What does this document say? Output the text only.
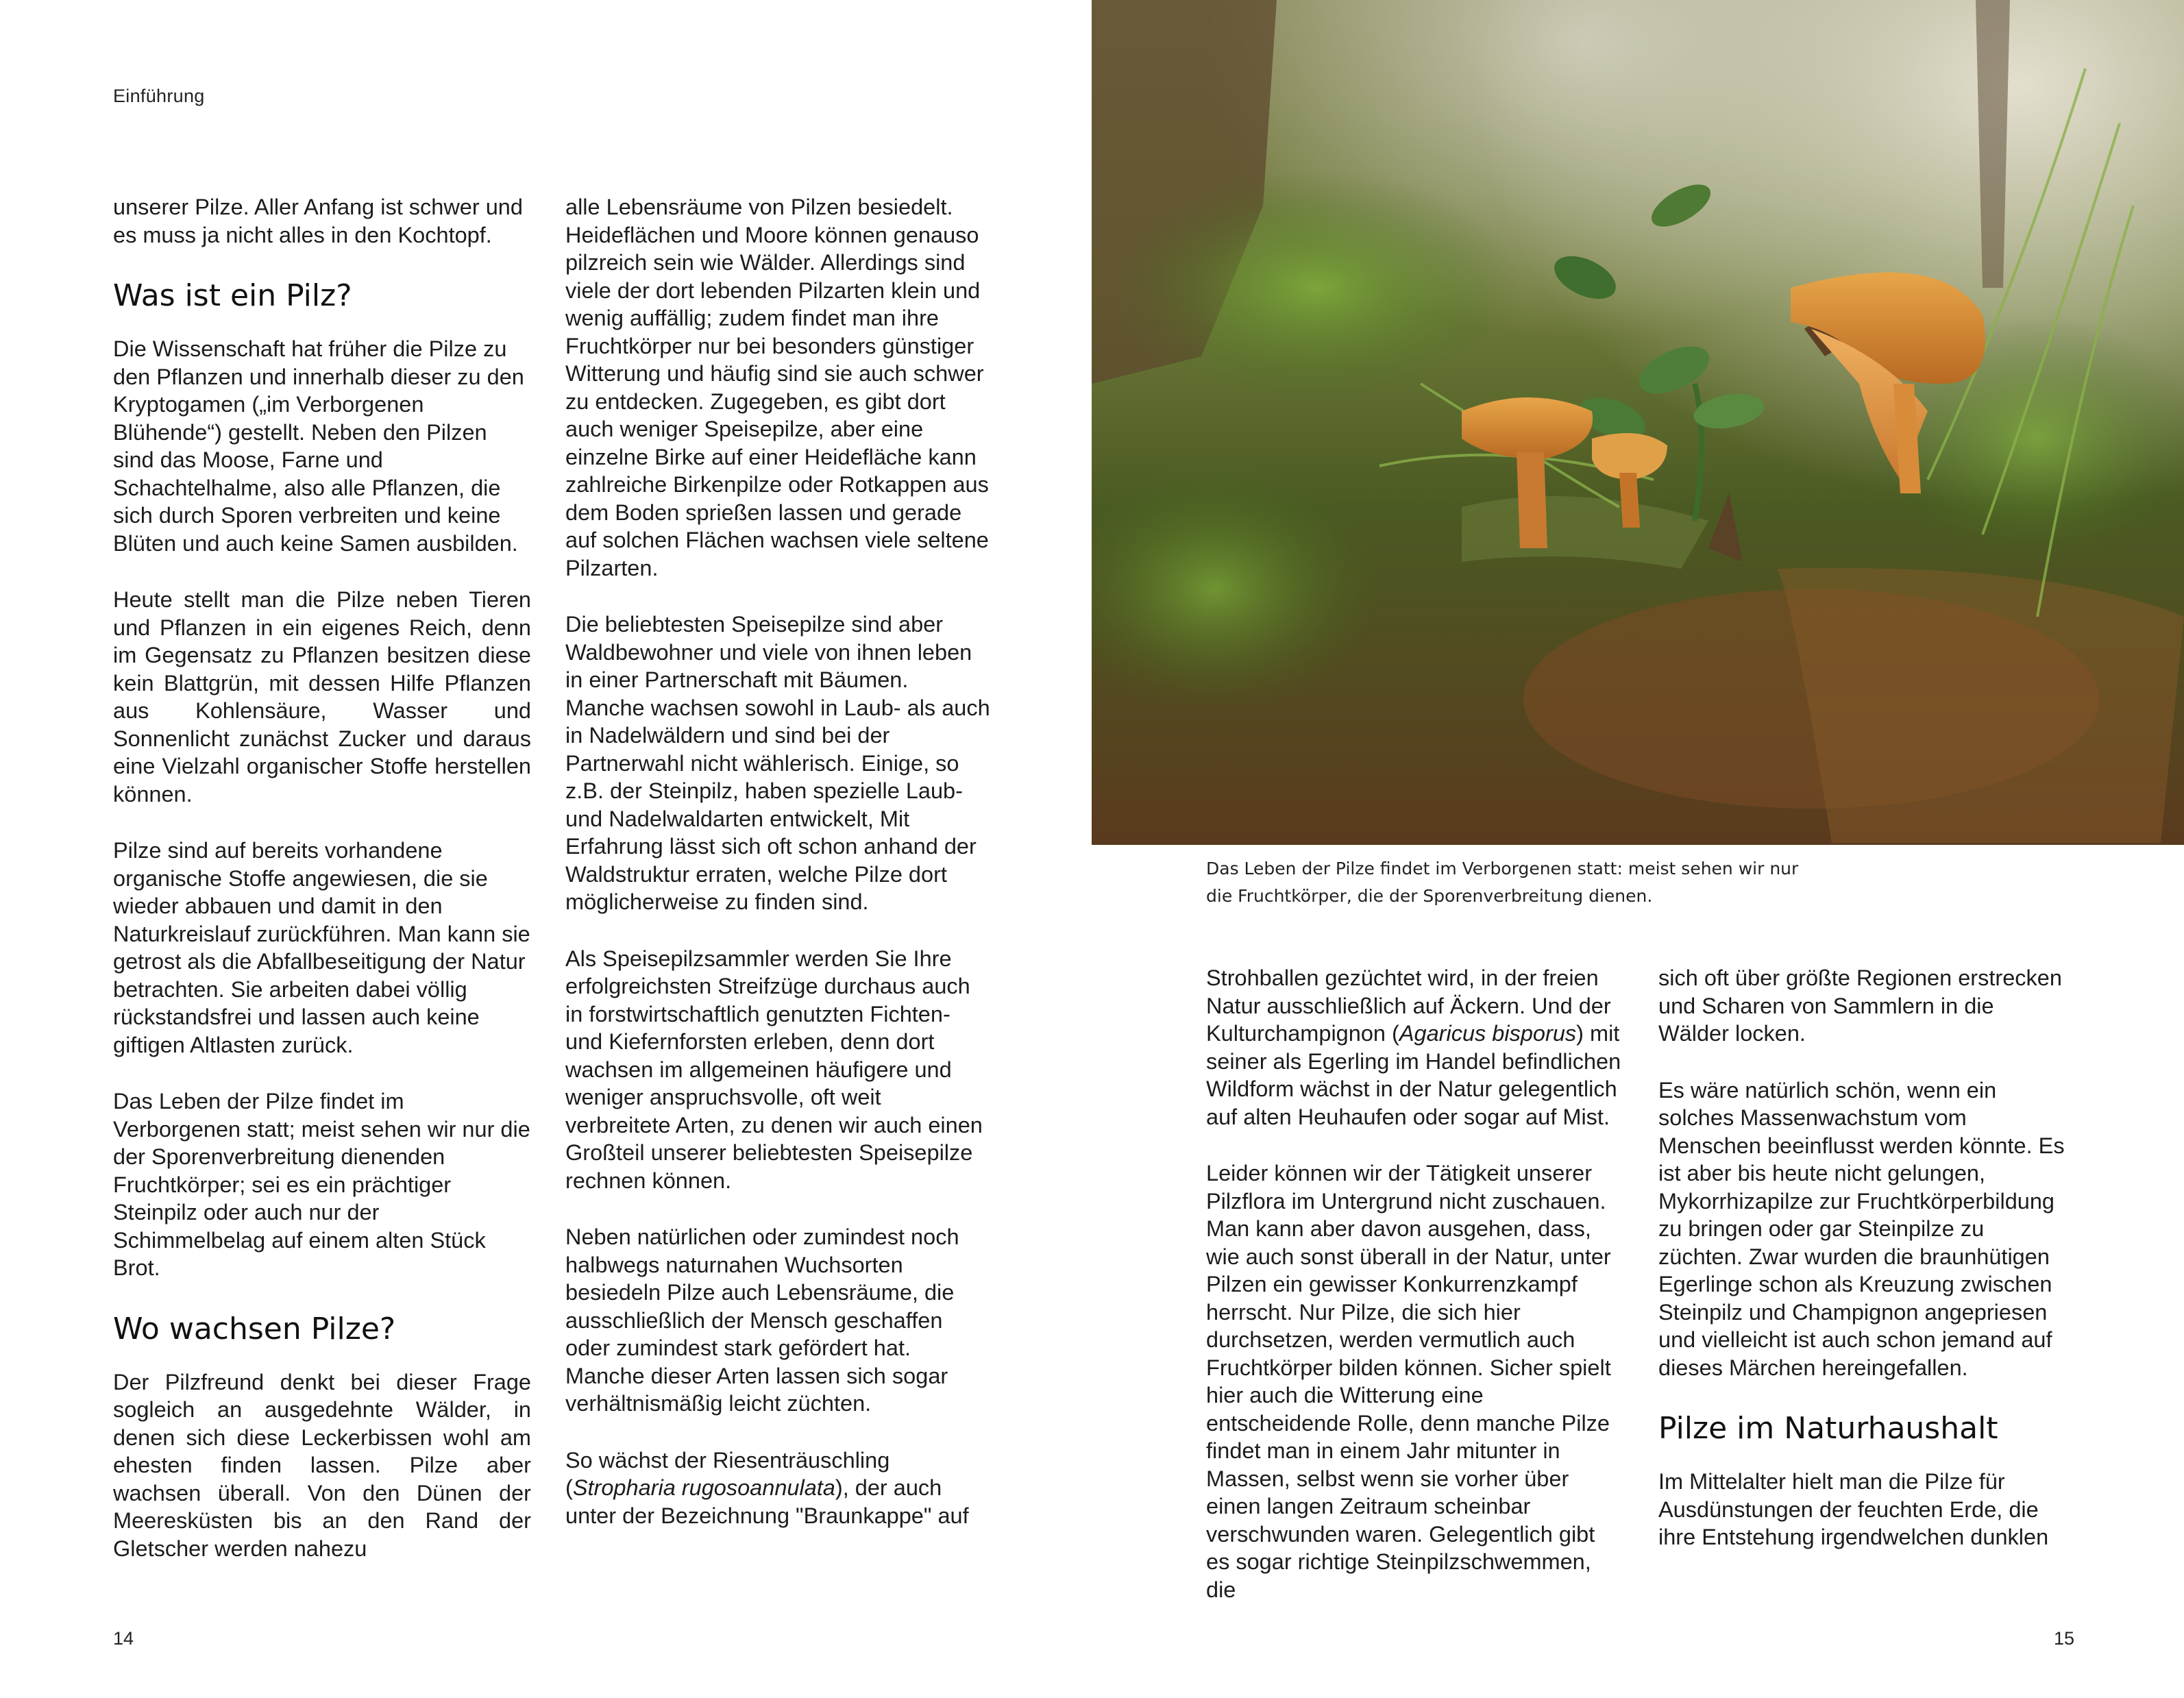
Einführung

unserer Pilze. Aller Anfang ist schwer und es muss ja nicht alles in den Kochtopf.

Was ist ein Pilz?

Die Wissenschaft hat früher die Pilze zu den Pflanzen und innerhalb dieser zu den Kryptogamen („im Verborgenen Blühende“) gestellt. Neben den Pilzen sind das Moose, Farne und Schachtelhalme, also alle Pflanzen, die sich durch Sporen verbreiten und keine Blüten und auch keine Samen ausbilden.

Heute stellt man die Pilze neben Tieren und Pflanzen in ein eigenes Reich, denn im Gegensatz zu Pflanzen besitzen diese kein Blattgrün, mit dessen Hilfe Pflanzen aus Kohlensäure, Wasser und Sonnenlicht zunächst Zucker und daraus eine Vielzahl organischer Stoffe herstellen können.

Pilze sind auf bereits vorhandene organische Stoffe angewiesen, die sie wieder abbauen und damit in den Naturkreislauf zurückführen. Man kann sie getrost als die Abfallbeseitigung der Natur betrachten. Sie arbeiten dabei völlig rückstandsfrei und lassen auch keine giftigen Altlasten zurück.

Das Leben der Pilze findet im Verborgenen statt; meist sehen wir nur die der Sporenverbreitung dienenden Fruchtkörper; sei es ein prächtiger Steinpilz oder auch nur der Schimmelbelag auf einem alten Stück Brot.

Wo wachsen Pilze?

Der Pilzfreund denkt bei dieser Frage sogleich an ausgedehnte Wälder, in denen sich diese Leckerbissen wohl am ehesten finden lassen. Pilze aber wachsen überall. Von den Dünen der Meeresküsten bis an den Rand der Gletscher werden nahezu

alle Lebensräume von Pilzen besiedelt. Heideflächen und Moore können genauso pilzreich sein wie Wälder. Allerdings sind viele der dort lebenden Pilzarten klein und wenig auffällig; zudem findet man ihre Fruchtkörper nur bei besonders günstiger Witterung und häufig sind sie auch schwer zu entdecken. Zugegeben, es gibt dort auch weniger Speisepilze, aber eine einzelne Birke auf einer Heidefläche kann zahlreiche Birkenpilze oder Rotkappen aus dem Boden sprießen lassen und gerade auf solchen Flächen wachsen viele seltene Pilzarten.

Die beliebtesten Speisepilze sind aber Waldbewohner und viele von ihnen leben in einer Partnerschaft mit Bäumen. Manche wachsen sowohl in Laub- als auch in Nadelwäldern und sind bei der Partnerwahl nicht wählerisch. Einige, so z.B. der Steinpilz, haben spezielle Laub- und Nadelwaldarten entwickelt, Mit Erfahrung lässt sich oft schon anhand der Waldstruktur erraten, welche Pilze dort möglicherweise zu finden sind.

Als Speisepilzsammler werden Sie Ihre erfolgreichsten Streifzüge durchaus auch in forstwirtschaftlich genutzten Fichten- und Kiefernforsten erleben, denn dort wachsen im allgemeinen häufigere und weniger anspruchsvolle, oft weit verbreitete Arten, zu denen wir auch einen Großteil unserer beliebtesten Speisepilze rechnen können.

Neben natürlichen oder zumindest noch halbwegs naturnahen Wuchsorten besiedeln Pilze auch Lebensräume, die ausschließlich der Mensch geschaffen oder zumindest stark gefördert hat. Manche dieser Arten lassen sich sogar verhältnismäßig leicht züchten.

So wächst der Riesenträuschling (Stropharia rugosoannulata), der auch unter der Bezeichnung "Braunkappe" auf

14
Das Leben der Pilze findet im Verborgenen statt: meist sehen wir nur die Fruchtkörper, die der Sporenverbreitung dienen.

Strohballen gezüchtet wird, in der freien Natur ausschließlich auf Äckern. Und der Kulturchampignon (Agaricus bisporus) mit seiner als Egerling im Handel befindlichen Wildform wächst in der Natur gelegentlich auf alten Heuhaufen oder sogar auf Mist.

Leider können wir der Tätigkeit unserer Pilzflora im Untergrund nicht zuschauen. Man kann aber davon ausgehen, dass, wie auch sonst überall in der Natur, unter Pilzen ein gewisser Konkurrenzkampf herrscht. Nur Pilze, die sich hier durchsetzen, werden vermutlich auch Fruchtkörper bilden können. Sicher spielt hier auch die Witterung eine entscheidende Rolle, denn manche Pilze findet man in einem Jahr mitunter in Massen, selbst wenn sie vorher über einen langen Zeitraum scheinbar verschwunden waren. Gelegentlich gibt es sogar richtige Steinpilzschwemmen, die

sich oft über größte Regionen erstrecken und Scharen von Sammlern in die Wälder locken.

Es wäre natürlich schön, wenn ein solches Massenwachstum vom Menschen beeinflusst werden könnte. Es ist aber bis heute nicht gelungen, Mykorrhizapilze zur Fruchtkörperbildung zu bringen oder gar Steinpilze zu züchten. Zwar wurden die braunhütigen Egerlinge schon als Kreuzung zwischen Steinpilz und Champignon angepriesen und vielleicht ist auch schon jemand auf dieses Märchen hereingefallen.

Pilze im Naturhaushalt

Im Mittelalter hielt man die Pilze für Ausdünstungen der feuchten Erde, die ihre Entstehung irgendwelchen dunklen

15
